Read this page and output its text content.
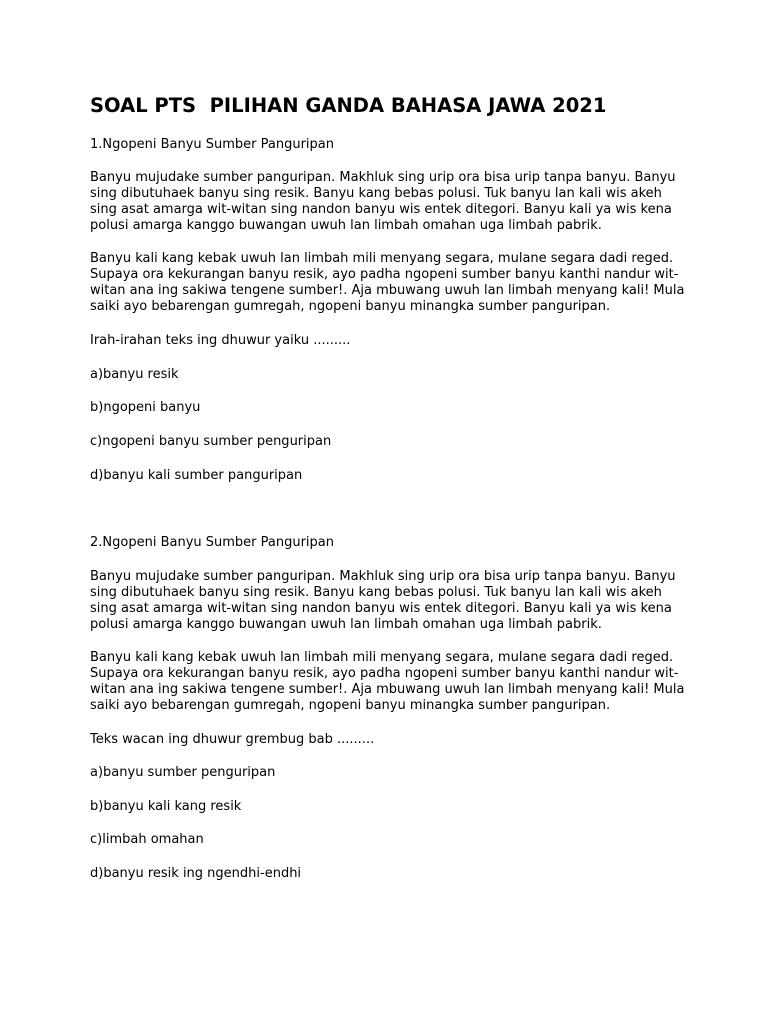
SOAL PTS  PILIHAN GANDA BAHASA JAWA 2021

1.Ngopeni Banyu Sumber Panguripan

Banyu mujudake sumber panguripan. Makhluk sing urip ora bisa urip tanpa banyu. Banyu
sing dibutuhaek banyu sing resik. Banyu kang bebas polusi. Tuk banyu lan kali wis akeh
sing asat amarga wit-witan sing nandon banyu wis entek ditegori. Banyu kali ya wis kena
polusi amarga kanggo buwangan uwuh lan limbah omahan uga limbah pabrik.
Banyu kali kang kebak uwuh lan limbah mili menyang segara, mulane segara dadi reged.
Supaya ora kekurangan banyu resik, ayo padha ngopeni sumber banyu kanthi nandur wit-
witan ana ing sakiwa tengene sumber!. Aja mbuwang uwuh lan limbah menyang kali! Mula
saiki ayo bebarengan gumregah, ngopeni banyu minangka sumber panguripan.

Irah-irahan teks ing dhuwur yaiku .........

a)banyu resik

b)ngopeni banyu

c)ngopeni banyu sumber penguripan

d)banyu kali sumber panguripan

2.Ngopeni Banyu Sumber Panguripan

Banyu mujudake sumber panguripan. Makhluk sing urip ora bisa urip tanpa banyu. Banyu
sing dibutuhaek banyu sing resik. Banyu kang bebas polusi. Tuk banyu lan kali wis akeh
sing asat amarga wit-witan sing nandon banyu wis entek ditegori. Banyu kali ya wis kena
polusi amarga kanggo buwangan uwuh lan limbah omahan uga limbah pabrik.
Banyu kali kang kebak uwuh lan limbah mili menyang segara, mulane segara dadi reged.
Supaya ora kekurangan banyu resik, ayo padha ngopeni sumber banyu kanthi nandur wit-
witan ana ing sakiwa tengene sumber!. Aja mbuwang uwuh lan limbah menyang kali! Mula
saiki ayo bebarengan gumregah, ngopeni banyu minangka sumber panguripan.

Teks wacan ing dhuwur grembug bab .........

a)banyu sumber penguripan

b)banyu kali kang resik

c)limbah omahan

d)banyu resik ing ngendhi-endhi
